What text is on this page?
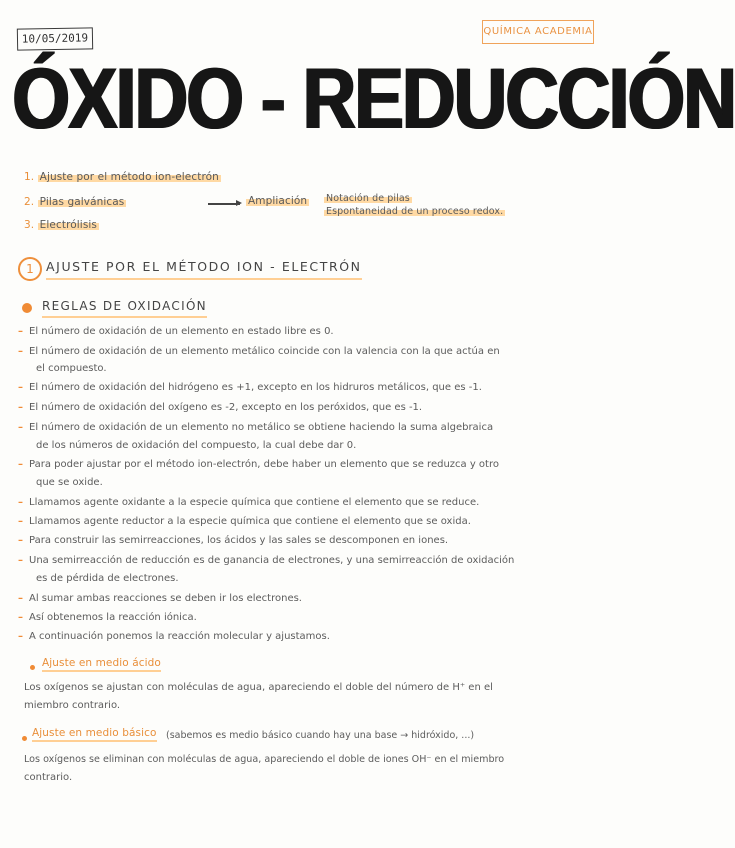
10/05/2019	QUÍMICA ACADEMIA
ÓXIDO - REDUCCIÓN
1. Ajuste por el método ion-electrón
2. Pilas galvánicas
3. Electrólisis
Ampliación Notación de pilas
Espontaneidad de un proceso redox.
1 AJUSTE POR EL MÉTODO ION - ELECTRÓN
REGLAS DE OXIDACIÓN
– El número de oxidación de un elemento en estado libre es 0.
– El número de oxidación de un elemento metálico coincide con la valencia con la que actúa en
el compuesto.
– El número de oxidación del hidrógeno es +1, excepto en los hidruros metálicos, que es -1.
– El número de oxidación del oxígeno es -2, excepto en los peróxidos, que es -1.
– El número de oxidación de un elemento no metálico se obtiene haciendo la suma algebraica
de los números de oxidación del compuesto, la cual debe dar 0.
– Para poder ajustar por el método ion-electrón, debe haber un elemento que se reduzca y otro
que se oxide.
– Llamamos agente oxidante a la especie química que contiene el elemento que se reduce.
– Llamamos agente reductor a la especie química que contiene el elemento que se oxida.
– Para construir las semirreacciones, los ácidos y las sales se descomponen en iones.
– Una semirreacción de reducción es de ganancia de electrones, y una semirreacción de oxidación
es de pérdida de electrones.
– Al sumar ambas reacciones se deben ir los electrones.
– Así obtenemos la reacción iónica.
– A continuación ponemos la reacción molecular y ajustamos.
Ajuste en medio ácido
Los oxígenos se ajustan con moléculas de agua, apareciendo el doble del número de H⁺ en el
miembro contrario.
Ajuste en medio básico (sabemos es medio básico cuando hay una base → hidróxido, ...)
Los oxígenos se eliminan con moléculas de agua, apareciendo el doble de iones OH⁻ en el miembro
contrario.
